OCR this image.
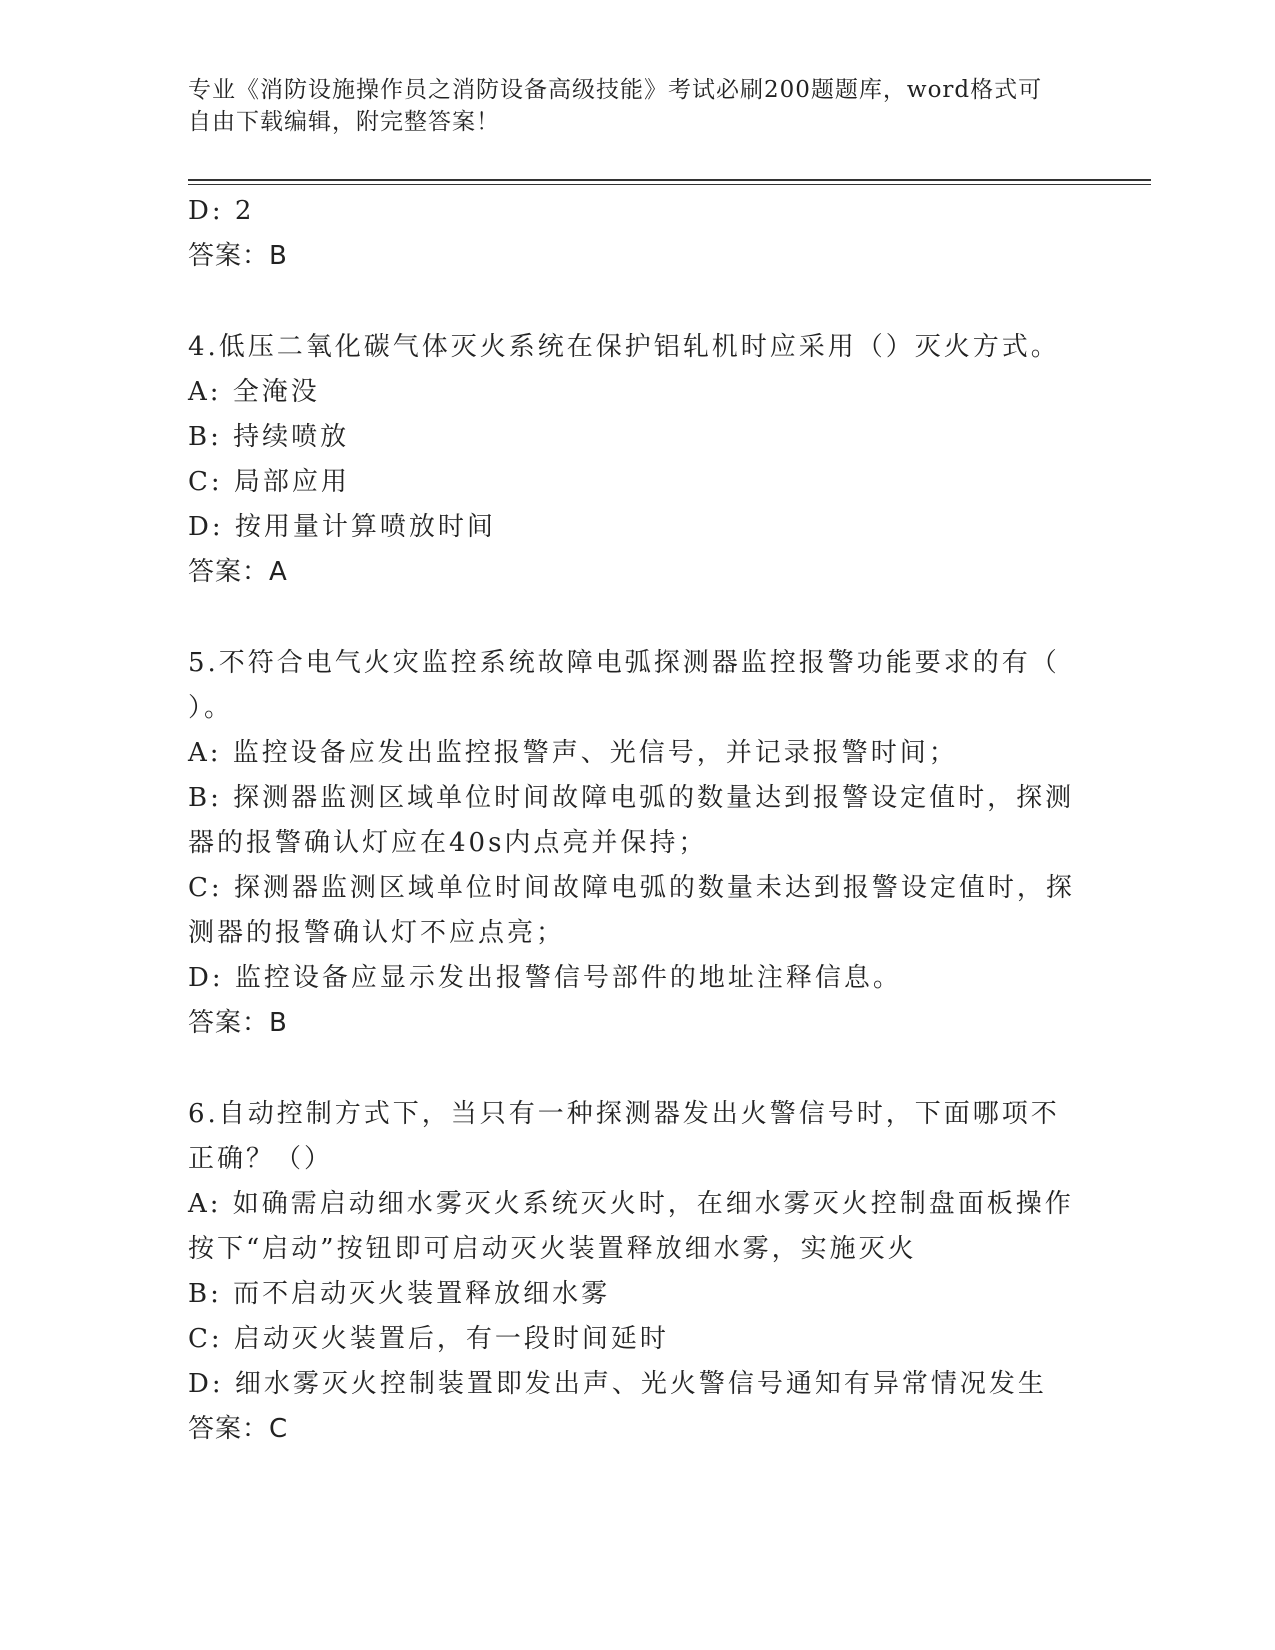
专业《消防设施操作员之消防设备高级技能》考试必刷200题题库，word格式可
自由下载编辑，附完整答案！

D: 2

答案：B

4.低压二氧化碳气体灭火系统在保护铝轧机时应采用（）灭火方式。

A: 全淹没

B: 持续喷放

C: 局部应用

D: 按用量计算喷放时间

答案：A

5.不符合电气火灾监控系统故障电弧探测器监控报警功能要求的有（

）。

A: 监控设备应发出监控报警声、光信号，并记录报警时间；

B: 探测器监测区域单位时间故障电弧的数量达到报警设定值时，探测

器的报警确认灯应在40s内点亮并保持；

C: 探测器监测区域单位时间故障电弧的数量未达到报警设定值时，探

测器的报警确认灯不应点亮；

D: 监控设备应显示发出报警信号部件的地址注释信息。

答案：B

6.自动控制方式下，当只有一种探测器发出火警信号时，下面哪项不

正确？（）

A: 如确需启动细水雾灭火系统灭火时，在细水雾灭火控制盘面板操作

按下“启动”按钮即可启动灭火装置释放细水雾，实施灭火

B: 而不启动灭火装置释放细水雾

C: 启动灭火装置后，有一段时间延时

D: 细水雾灭火控制装置即发出声、光火警信号通知有异常情况发生

答案：C
